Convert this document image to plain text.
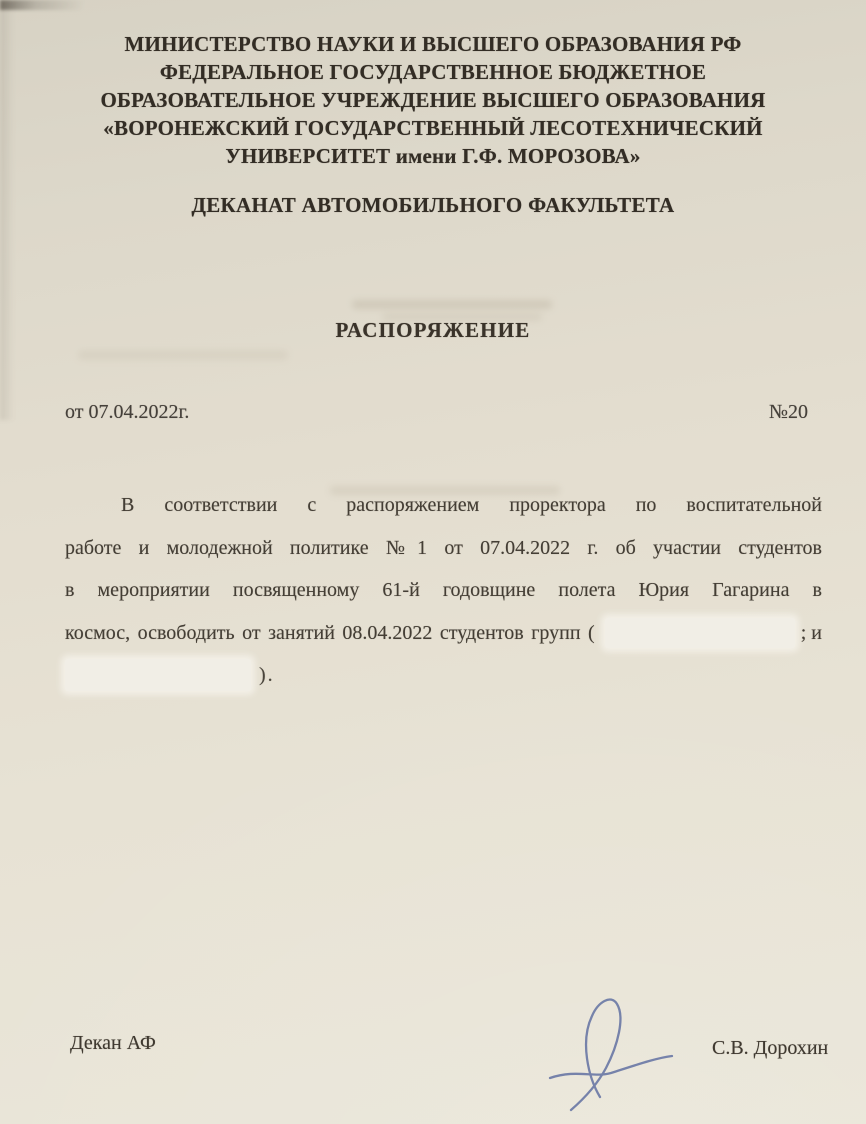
МИНИСТЕРСТВО НАУКИ И ВЫСШЕГО ОБРАЗОВАНИЯ РФ
ФЕДЕРАЛЬНОЕ ГОСУДАРСТВЕННОЕ БЮДЖЕТНОЕ
ОБРАЗОВАТЕЛЬНОЕ УЧРЕЖДЕНИЕ ВЫСШЕГО ОБРАЗОВАНИЯ
«ВОРОНЕЖСКИЙ ГОСУДАРСТВЕННЫЙ ЛЕСОТЕХНИЧЕСКИЙ
УНИВЕРСИТЕТ имени Г.Ф. МОРОЗОВА»
ДЕКАНАТ АВТОМОБИЛЬНОГО ФАКУЛЬТЕТА
РАСПОРЯЖЕНИЕ
от 07.04.2022г.	№20
В соответствии с распоряжением проректора по воспитательной
работе и молодежной политике №1 от 07.04.2022 г. об участии студентов
в мероприятии посвященному 61-й годовщине полета Юрия Гагарина в
космос, освободить от занятий 08.04.2022 студентов групп (	; и
).
Декан АФ	С.В. Дорохин
